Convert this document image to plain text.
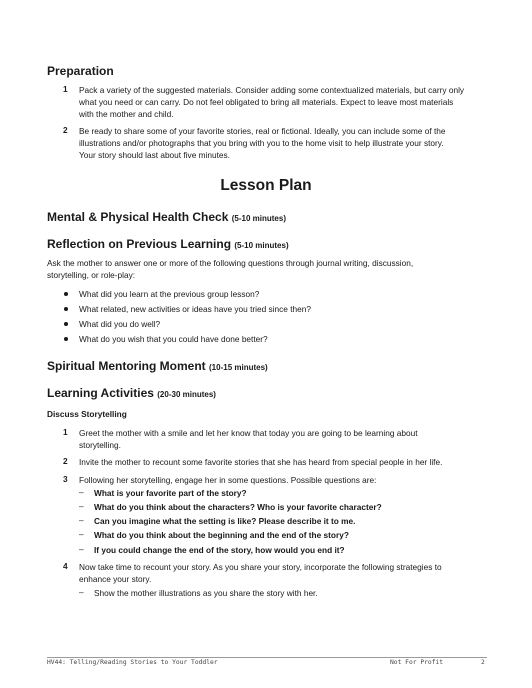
Preparation
1 Pack a variety of the suggested materials. Consider adding some contextualized materials, but carry only
what you need or can carry. Do not feel obligated to bring all materials. Expect to leave most materials
with the mother and child.
2 Be ready to share some of your favorite stories, real or fictional. Ideally, you can include some of the
illustrations and/or photographs that you bring with you to the home visit to help illustrate your story.
Your story should last about five minutes.
Lesson Plan
Mental & Physical Health Check (5-10 minutes)
Reflection on Previous Learning (5-10 minutes)
Ask the mother to answer one or more of the following questions through journal writing, discussion,
storytelling, or role-play:
What did you learn at the previous group lesson?
What related, new activities or ideas have you tried since then?
What did you do well?
What do you wish that you could have done better?
Spiritual Mentoring Moment (10-15 minutes)
Learning Activities (20-30 minutes)
Discuss Storytelling
1 Greet the mother with a smile and let her know that today you are going to be learning about
storytelling.
2 Invite the mother to recount some favorite stories that she has heard from special people in her life.
3 Following her storytelling, engage her in some questions. Possible questions are:
– What is your favorite part of the story?
– What do you think about the characters? Who is your favorite character?
– Can you imagine what the setting is like? Please describe it to me.
– What do you think about the beginning and the end of the story?
– If you could change the end of the story, how would you end it?
4 Now take time to recount your story. As you share your story, incorporate the following strategies to
enhance your story.
– Show the mother illustrations as you share the story with her.
HV44: Telling/Reading Stories to Your Toddler	Not For Profit	2
